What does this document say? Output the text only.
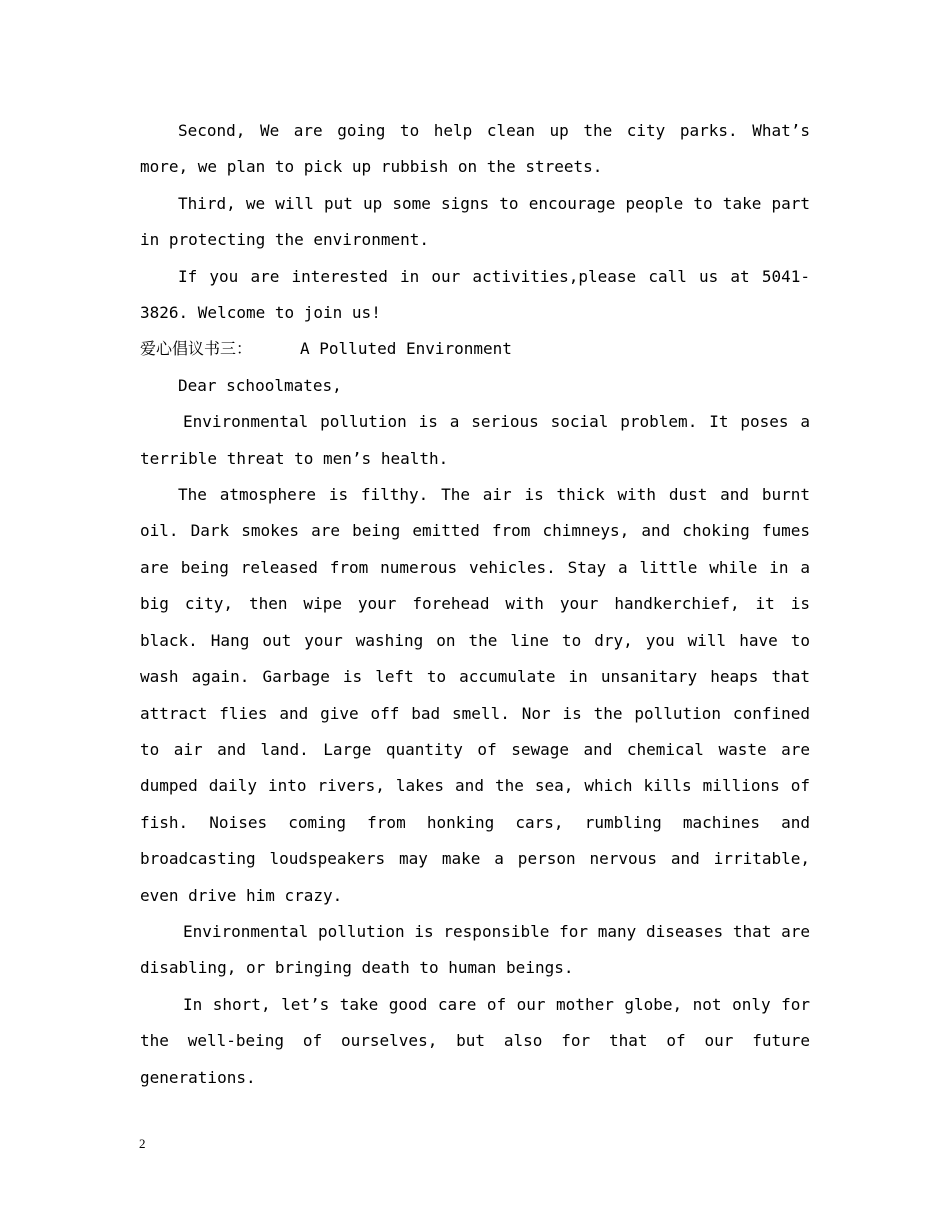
Second, We are going to help clean up the city parks. What’s more, we plan to pick up rubbish on the streets.

Third, we will put up some signs to encourage people to take part in protecting the environment.

If you are interested in our activities,please call us at 5041-3826. Welcome to join us!

爱心倡议书三：	A Polluted Environment

Dear schoolmates,

Environmental pollution is a serious social problem. It poses a terrible threat to men’s health.

The atmosphere is filthy. The air is thick with dust and burnt oil. Dark smokes are being emitted from chimneys, and choking fumes are being released from numerous vehicles. Stay a little while in a big city, then wipe your forehead with your handkerchief, it is black. Hang out your washing on the line to dry, you will have to wash again. Garbage is left to accumulate in unsanitary heaps that attract flies and give off bad smell. Nor is the pollution confined to air and land. Large quantity of sewage and chemical waste are dumped daily into rivers, lakes and the sea, which kills millions of fish. Noises coming from honking cars, rumbling machines and broadcasting loudspeakers may make a person nervous and irritable, even drive him crazy.

Environmental pollution is responsible for many diseases that are disabling, or bringing death to human beings.

In short, let’s take good care of our mother globe, not only for the well-being of ourselves, but also for that of our future generations.

2
